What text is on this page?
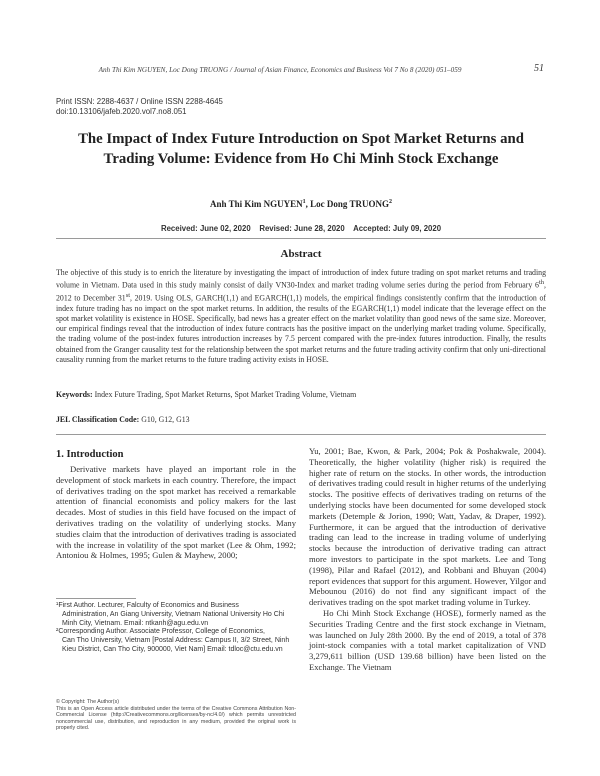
Anh Thi Kim NGUYEN, Loc Dong TRUONG / Journal of Asian Finance, Economics and Business Vol 7 No 8 (2020) 051–059	51
Print ISSN: 2288-4637 / Online ISSN 2288-4645
doi:10.13106/jafeb.2020.vol7.no8.051
The Impact of Index Future Introduction on Spot Market Returns and
Trading Volume: Evidence from Ho Chi Minh Stock Exchange
Anh Thi Kim NGUYEN$^1$, Loc Dong TRUONG$^2$
Received: June 02, 2020    Revised: June 28, 2020    Accepted: July 09, 2020
Abstract
The objective of this study is to enrich the literature by investigating the impact of introduction of index future trading on spot market returns and trading volume in Vietnam. Data used in this study mainly consist of daily VN30-Index and market trading volume series during the period from February 6th, 2012 to December 31st, 2019. Using OLS, GARCH(1,1) and EGARCH(1,1) models, the empirical findings consistently confirm that the introduction of index future trading has no impact on the spot market returns. In addition, the results of the EGARCH(1,1) model indicate that the leverage effect on the spot market volatility is existence in HOSE. Specifically, bad news has a greater effect on the market volatility than good news of the same size. Moreover, our empirical findings reveal that the introduction of index future contracts has the positive impact on the underlying market trading volume. Specifically, the trading volume of the post-index futures introduction increases by 7.5 percent compared with the pre-index futures introduction. Finally, the results obtained from the Granger causality test for the relationship between the spot market returns and the future trading activity confirm that only uni-directional causality running from the market returns to the future trading activity exists in HOSE.
Keywords: Index Future Trading, Spot Market Returns, Spot Market Trading Volume, Vietnam
JEL Classification Code: G10, G12, G13
1. Introduction

Derivative markets have played an important role in the development of stock markets in each country. Therefore, the impact of derivatives trading on the spot market has received a remarkable attention of financial economists and policy makers for the last decades. Most of studies in this field have focused on the impact of derivatives trading on the volatility of underlying stocks. Many studies claim that the introduction of derivatives trading is associated with the increase in volatility of the spot market (Lee & Ohm, 1992; Antoniou & Holmes, 1995; Gulen & Mayhew, 2000;

Yu, 2001; Bae, Kwon, & Park, 2004; Pok & Poshakwale, 2004). Theoretically, the higher volatility (higher risk) is required the higher rate of return on the stocks. In other words, the introduction of derivatives trading could result in higher returns of the underlying stocks. The positive effects of derivatives trading on returns of the underlying stocks have been documented for some developed stock markets (Detemple & Jorion, 1990; Watt, Yadav, & Draper, 1992). Furthermore, it can be argued that the introduction of derivative trading can lead to the increase in trading volume of underlying stocks because the introduction of derivative trading can attract more investors to participate in the spot markets. Lee and Tong (1998), Pilar and Rafael (2012), and Robbani and Bhuyan (2004) report evidences that support for this argument. However, Yilgor and Mebounou (2016) do not find any significant impact of the derivatives trading on the spot market trading volume in Turkey.

Ho Chi Minh Stock Exchange (HOSE), formerly named as the Securities Trading Centre and the first stock exchange in Vietnam, was launched on July 28th 2000. By the end of 2019, a total of 378 joint-stock companies with a total market capitalization of VND 3,279,611 billion (USD 139.68 billion) have been listed on the Exchange. The Vietnam

¹First Author. Lecturer, Falculty of Economics and Business

Administration, An Giang University, Vietnam National University Ho Chi Minh City, Vietnam. Email: ntkanh@agu.edu.vn

²Corresponding Author. Associate Professor, College of Economics,

Can Tho University, Vietnam [Postal Address: Campus II, 3/2 Street, Ninh Kieu District, Can Tho City, 900000, Viet Nam] Email: tdloc@ctu.edu.vn

© Copyright: The Author(s)

This is an Open Access article distributed under the terms of the Creative Commons Attribution Non-Commercial License (http://Creativecommons.org/licenses/by-nc/4.0/) which permits unrestricted noncommercial use, distribution, and reproduction in any medium, provided the original work is properly cited.
